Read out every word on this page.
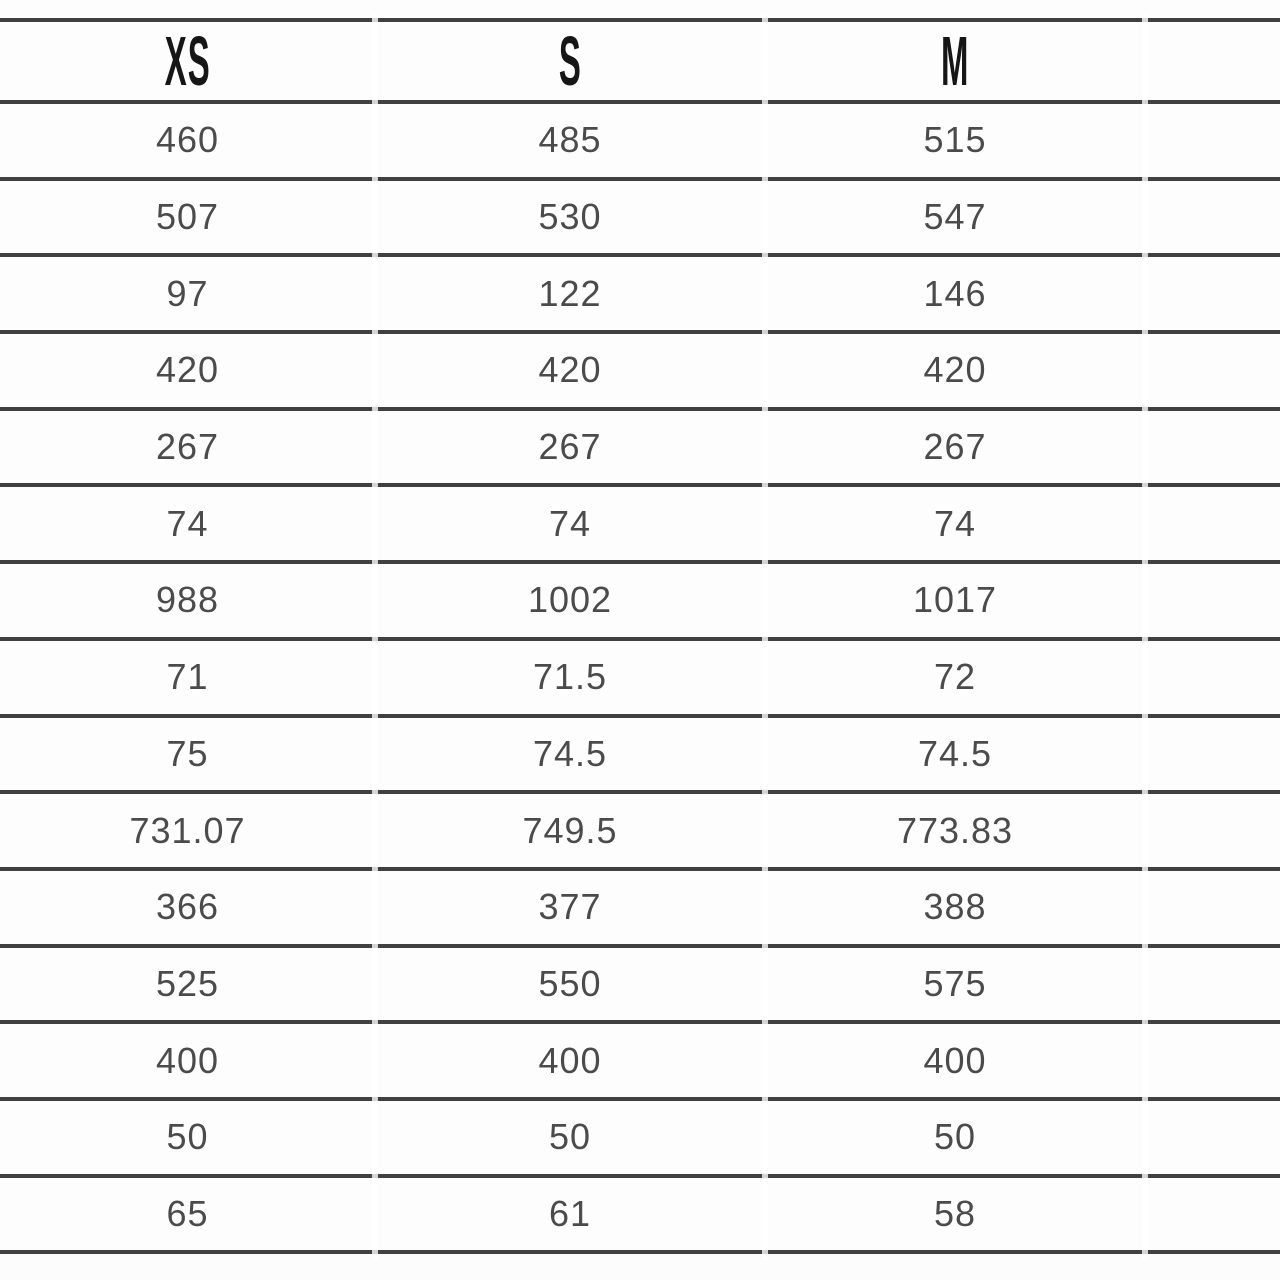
XS	S	M	
460	485	515	
507	530	547	
97	122	146	
420	420	420	
267	267	267	
74	74	74	
988	1002	1017	
71	71.5	72	
75	74.5	74.5	
731.07	749.5	773.83	
366	377	388	
525	550	575	
400	400	400	
50	50	50	
65	61	58	
